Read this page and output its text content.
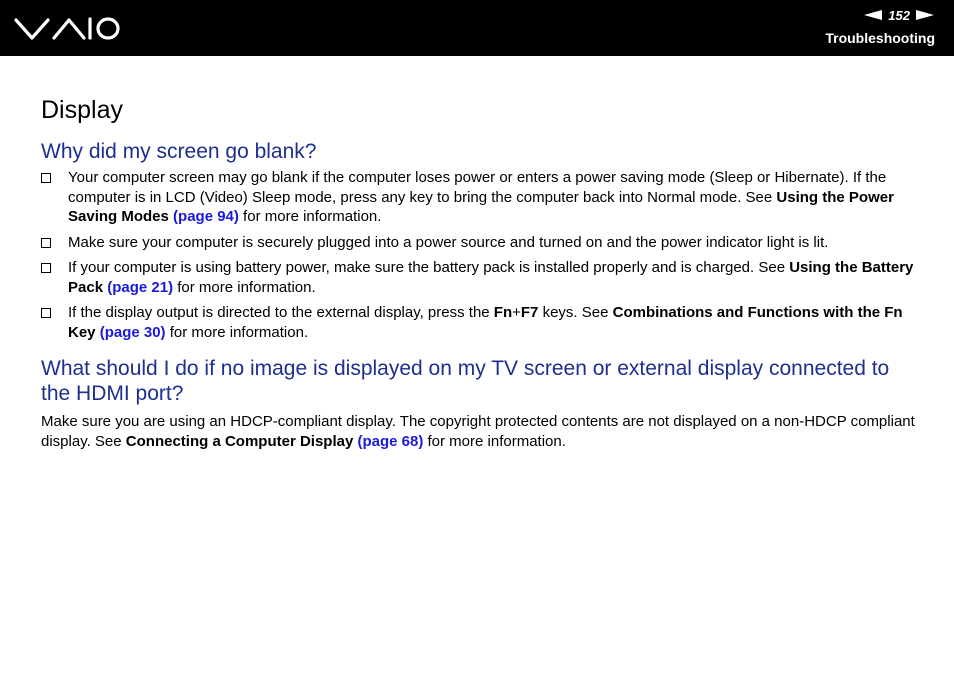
152
Troubleshooting
Display
Why did my screen go blank?
Your computer screen may go blank if the computer loses power or enters a power saving mode (Sleep or Hibernate). If the computer is in LCD (Video) Sleep mode, press any key to bring the computer back into Normal mode. See Using the Power Saving Modes (page 94) for more information.
Make sure your computer is securely plugged into a power source and turned on and the power indicator light is lit.
If your computer is using battery power, make sure the battery pack is installed properly and is charged. See Using the Battery Pack (page 21) for more information.
If the display output is directed to the external display, press the Fn+F7 keys. See Combinations and Functions with the Fn Key (page 30) for more information.
What should I do if no image is displayed on my TV screen or external display connected to the HDMI port?

Make sure you are using an HDCP-compliant display. The copyright protected contents are not displayed on a non-HDCP compliant display. See Connecting a Computer Display (page 68) for more information.
